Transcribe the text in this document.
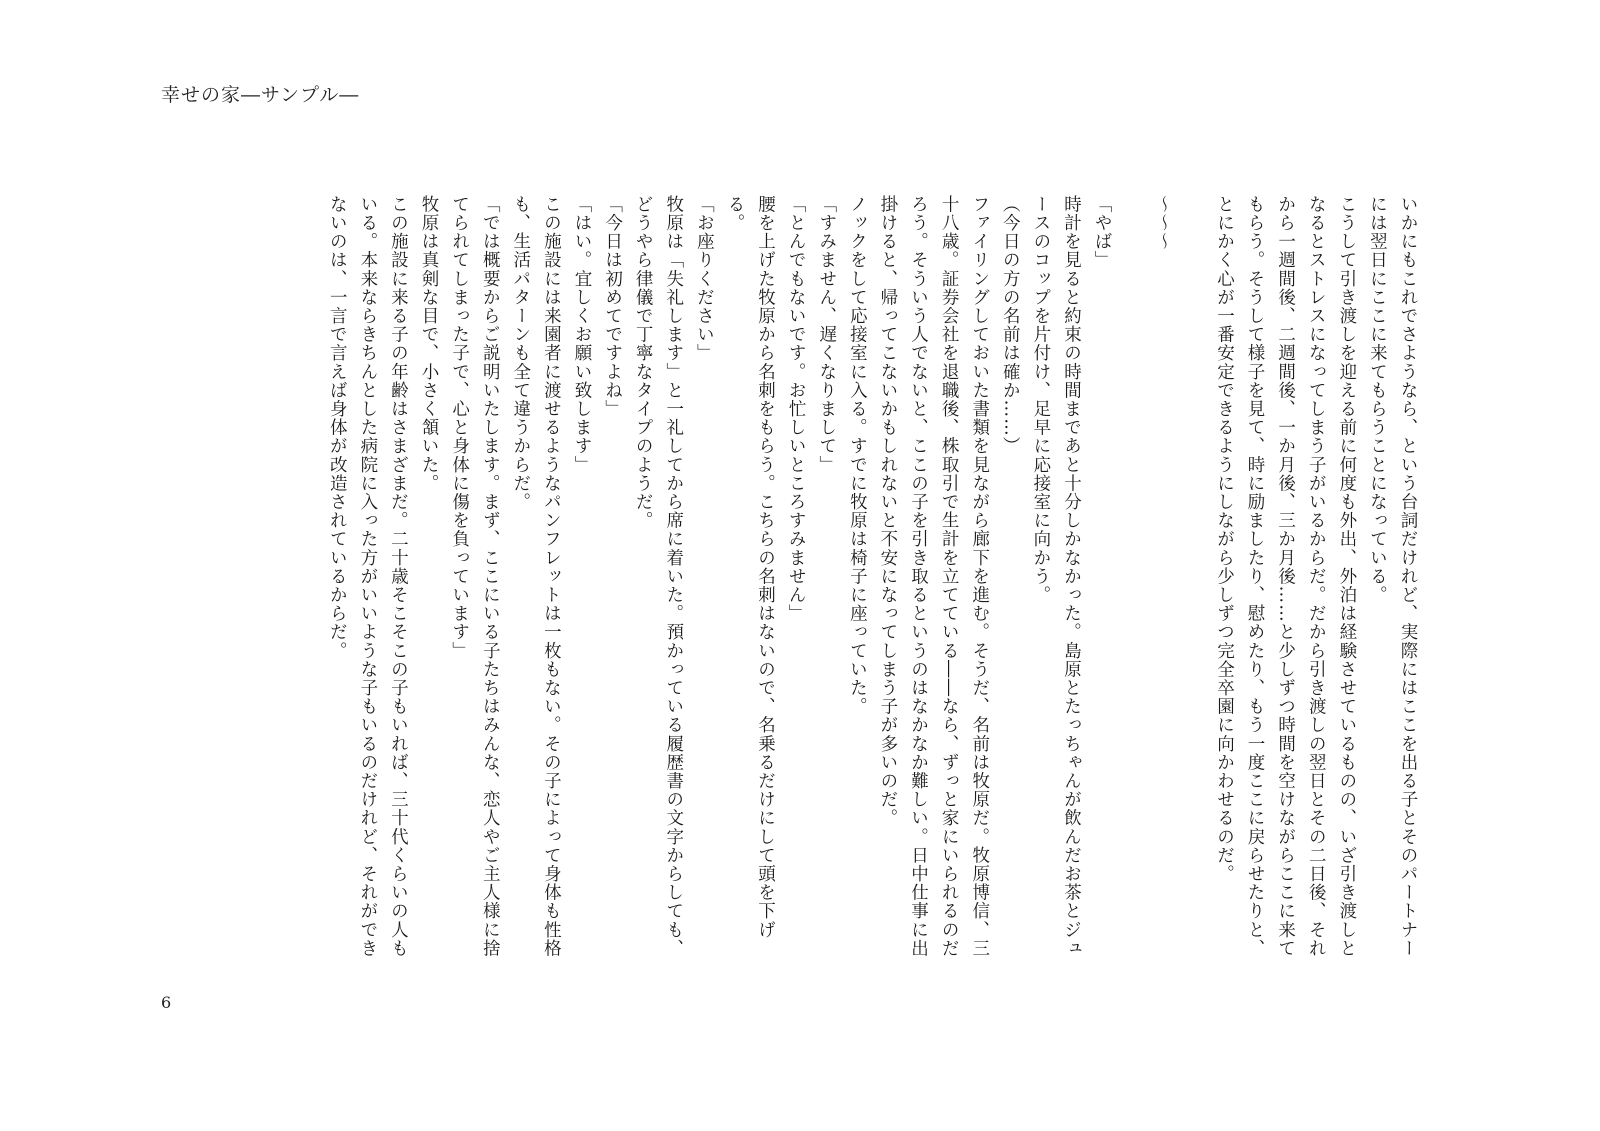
幸せの家―サンプル―

いかにもこれでさようなら、という台詞だけれど、実際にはここを出る子とそのパートナーには翌日にここに来てもらうことになっている。

こうして引き渡しを迎える前に何度も外出、外泊は経験させているものの、いざ引き渡しとなるとストレスになってしまう子がいるからだ。だから引き渡しの翌日とその二日後、それから一週間後、二週間後、一か月後、三か月後……と少しずつ時間を空けながらここに来てもらう。そうして様子を見て、時に励ましたり、慰めたり、もう一度ここに戻らせたりと、とにかく心が一番安定できるようにしながら少しずつ完全卒園に向かわせるのだ。

〜〜〜

「やば」

時計を見ると約束の時間まであと十分しかなかった。島原とたっちゃんが飲んだお茶とジュースのコップを片付け、足早に応接室に向かう。

（今日の方の名前は確か……）

ファイリングしておいた書類を見ながら廊下を進む。そうだ、名前は牧原だ。牧原博信、三十八歳。証券会社を退職後、株取引で生計を立てている――なら、ずっと家にいられるのだろう。そういう人でないと、ここの子を引き取るというのはなかなか難しい。日中仕事に出掛けると、帰ってこないかもしれないと不安になってしまう子が多いのだ。

ノックをして応接室に入る。すでに牧原は椅子に座っていた。

「すみません、遅くなりまして」

「とんでもないです。お忙しいところすみません」

腰を上げた牧原から名刺をもらう。こちらの名刺はないので、名乗るだけにして頭を下げる。

「お座りください」

牧原は「失礼します」と一礼してから席に着いた。預かっている履歴書の文字からしても、どうやら律儀で丁寧なタイプのようだ。

「今日は初めてですよね」

「はい。宜しくお願い致します」

この施設には来園者に渡せるようなパンフレットは一枚もない。その子によって身体も性格も、生活パターンも全て違うからだ。

「では概要からご説明いたします。まず、ここにいる子たちはみんな、恋人やご主人様に捨てられてしまった子で、心と身体に傷を負っています」

牧原は真剣な目で、小さく頷いた。

この施設に来る子の年齢はさまざまだ。二十歳そこそこの子もいれば、三十代くらいの人もいる。本来ならきちんとした病院に入った方がいいような子もいるのだけれど、それができないのは、一言で言えば身体が改造されているからだ。

6
